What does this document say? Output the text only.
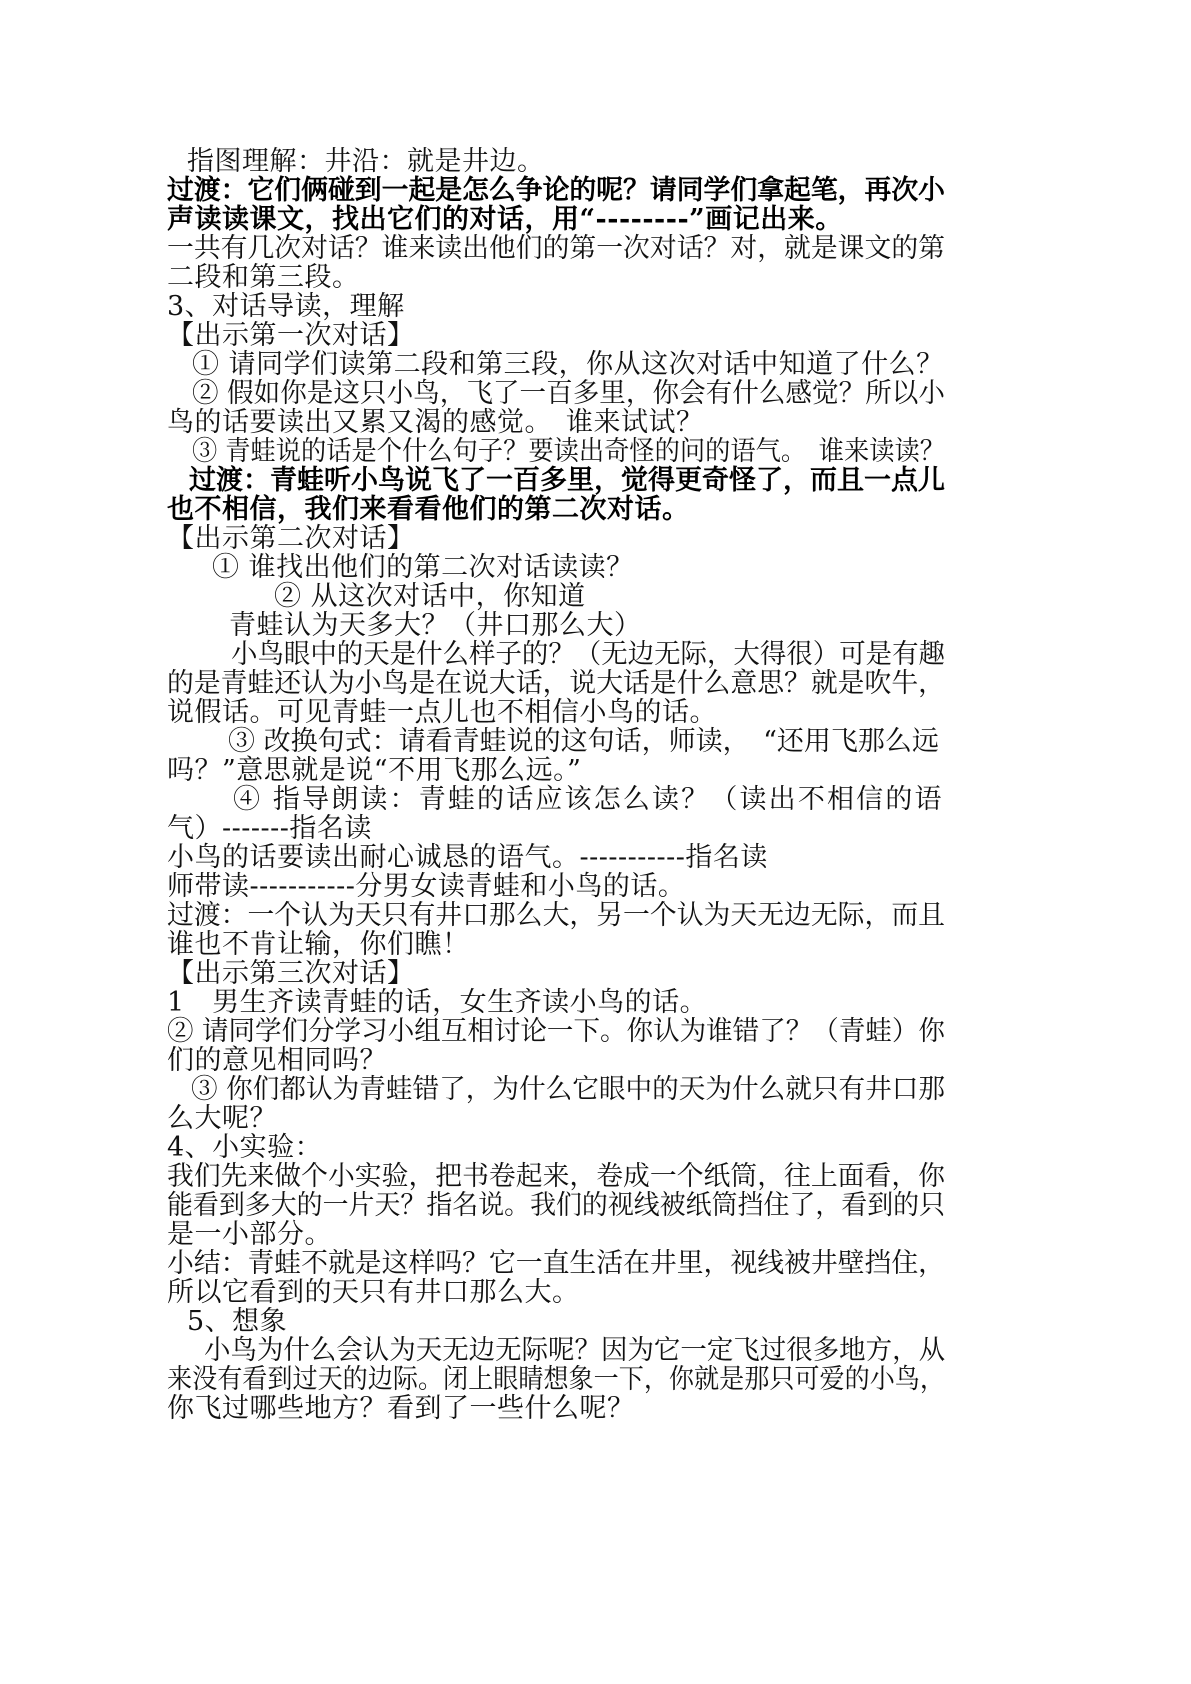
指图理解：井沿：就是井边。
过渡：它们俩碰到一起是怎么争论的呢？请同学们拿起笔，再次小
声读读课文，找出它们的对话，用“--------”画记出来。
一共有几次对话？谁来读出他们的第一次对话？对，就是课文的第
二段和第三段。
3、对话导读，理解
【出示第一次对话】
① 请同学们读第二段和第三段，你从这次对话中知道了什么？
② 假如你是这只小鸟，飞了一百多里，你会有什么感觉？所以小
鸟的话要读出又累又渴的感觉。　谁来试试？
③ 青蛙说的话是个什么句子？要读出奇怪的问的语气。　谁来读读？
过渡：青蛙听小鸟说飞了一百多里，觉得更奇怪了，而且一点儿
也不相信，我们来看看他们的第二次对话。
【出示第二次对话】
① 谁找出他们的第二次对话读读？
② 从这次对话中，你知道
青蛙认为天多大？（井口那么大）
小鸟眼中的天是什么样子的？（无边无际，大得很）可是有趣
的是青蛙还认为小鸟是在说大话，说大话是什么意思？就是吹牛，
说假话。可见青蛙一点儿也不相信小鸟的话。
③ 改换句式：请看青蛙说的这句话，师读，　“还用飞那么远
吗？”意思就是说“不用飞那么远。”
④ 指导朗读：青蛙的话应该怎么读？（读出不相信的语
气）-------指名读
小鸟的话要读出耐心诚恳的语气。-----------指名读
师带读-----------分男女读青蛙和小鸟的话。
过渡：一个认为天只有井口那么大，另一个认为天无边无际，而且
谁也不肯让输，你们瞧！
【出示第三次对话】
1　男生齐读青蛙的话，女生齐读小鸟的话。
② 请同学们分学习小组互相讨论一下。你认为谁错了？（青蛙）你
们的意见相同吗？
③ 你们都认为青蛙错了，为什么它眼中的天为什么就只有井口那
么大呢？
4、小实验：
我们先来做个小实验，把书卷起来，卷成一个纸筒，往上面看，你
能看到多大的一片天？指名说。我们的视线被纸筒挡住了，看到的只
是一小部分。
小结：青蛙不就是这样吗？它一直生活在井里，视线被井壁挡住，
所以它看到的天只有井口那么大。
5、想象
小鸟为什么会认为天无边无际呢？因为它一定飞过很多地方，从
来没有看到过天的边际。闭上眼睛想象一下，你就是那只可爱的小鸟，
你飞过哪些地方？看到了一些什么呢？
